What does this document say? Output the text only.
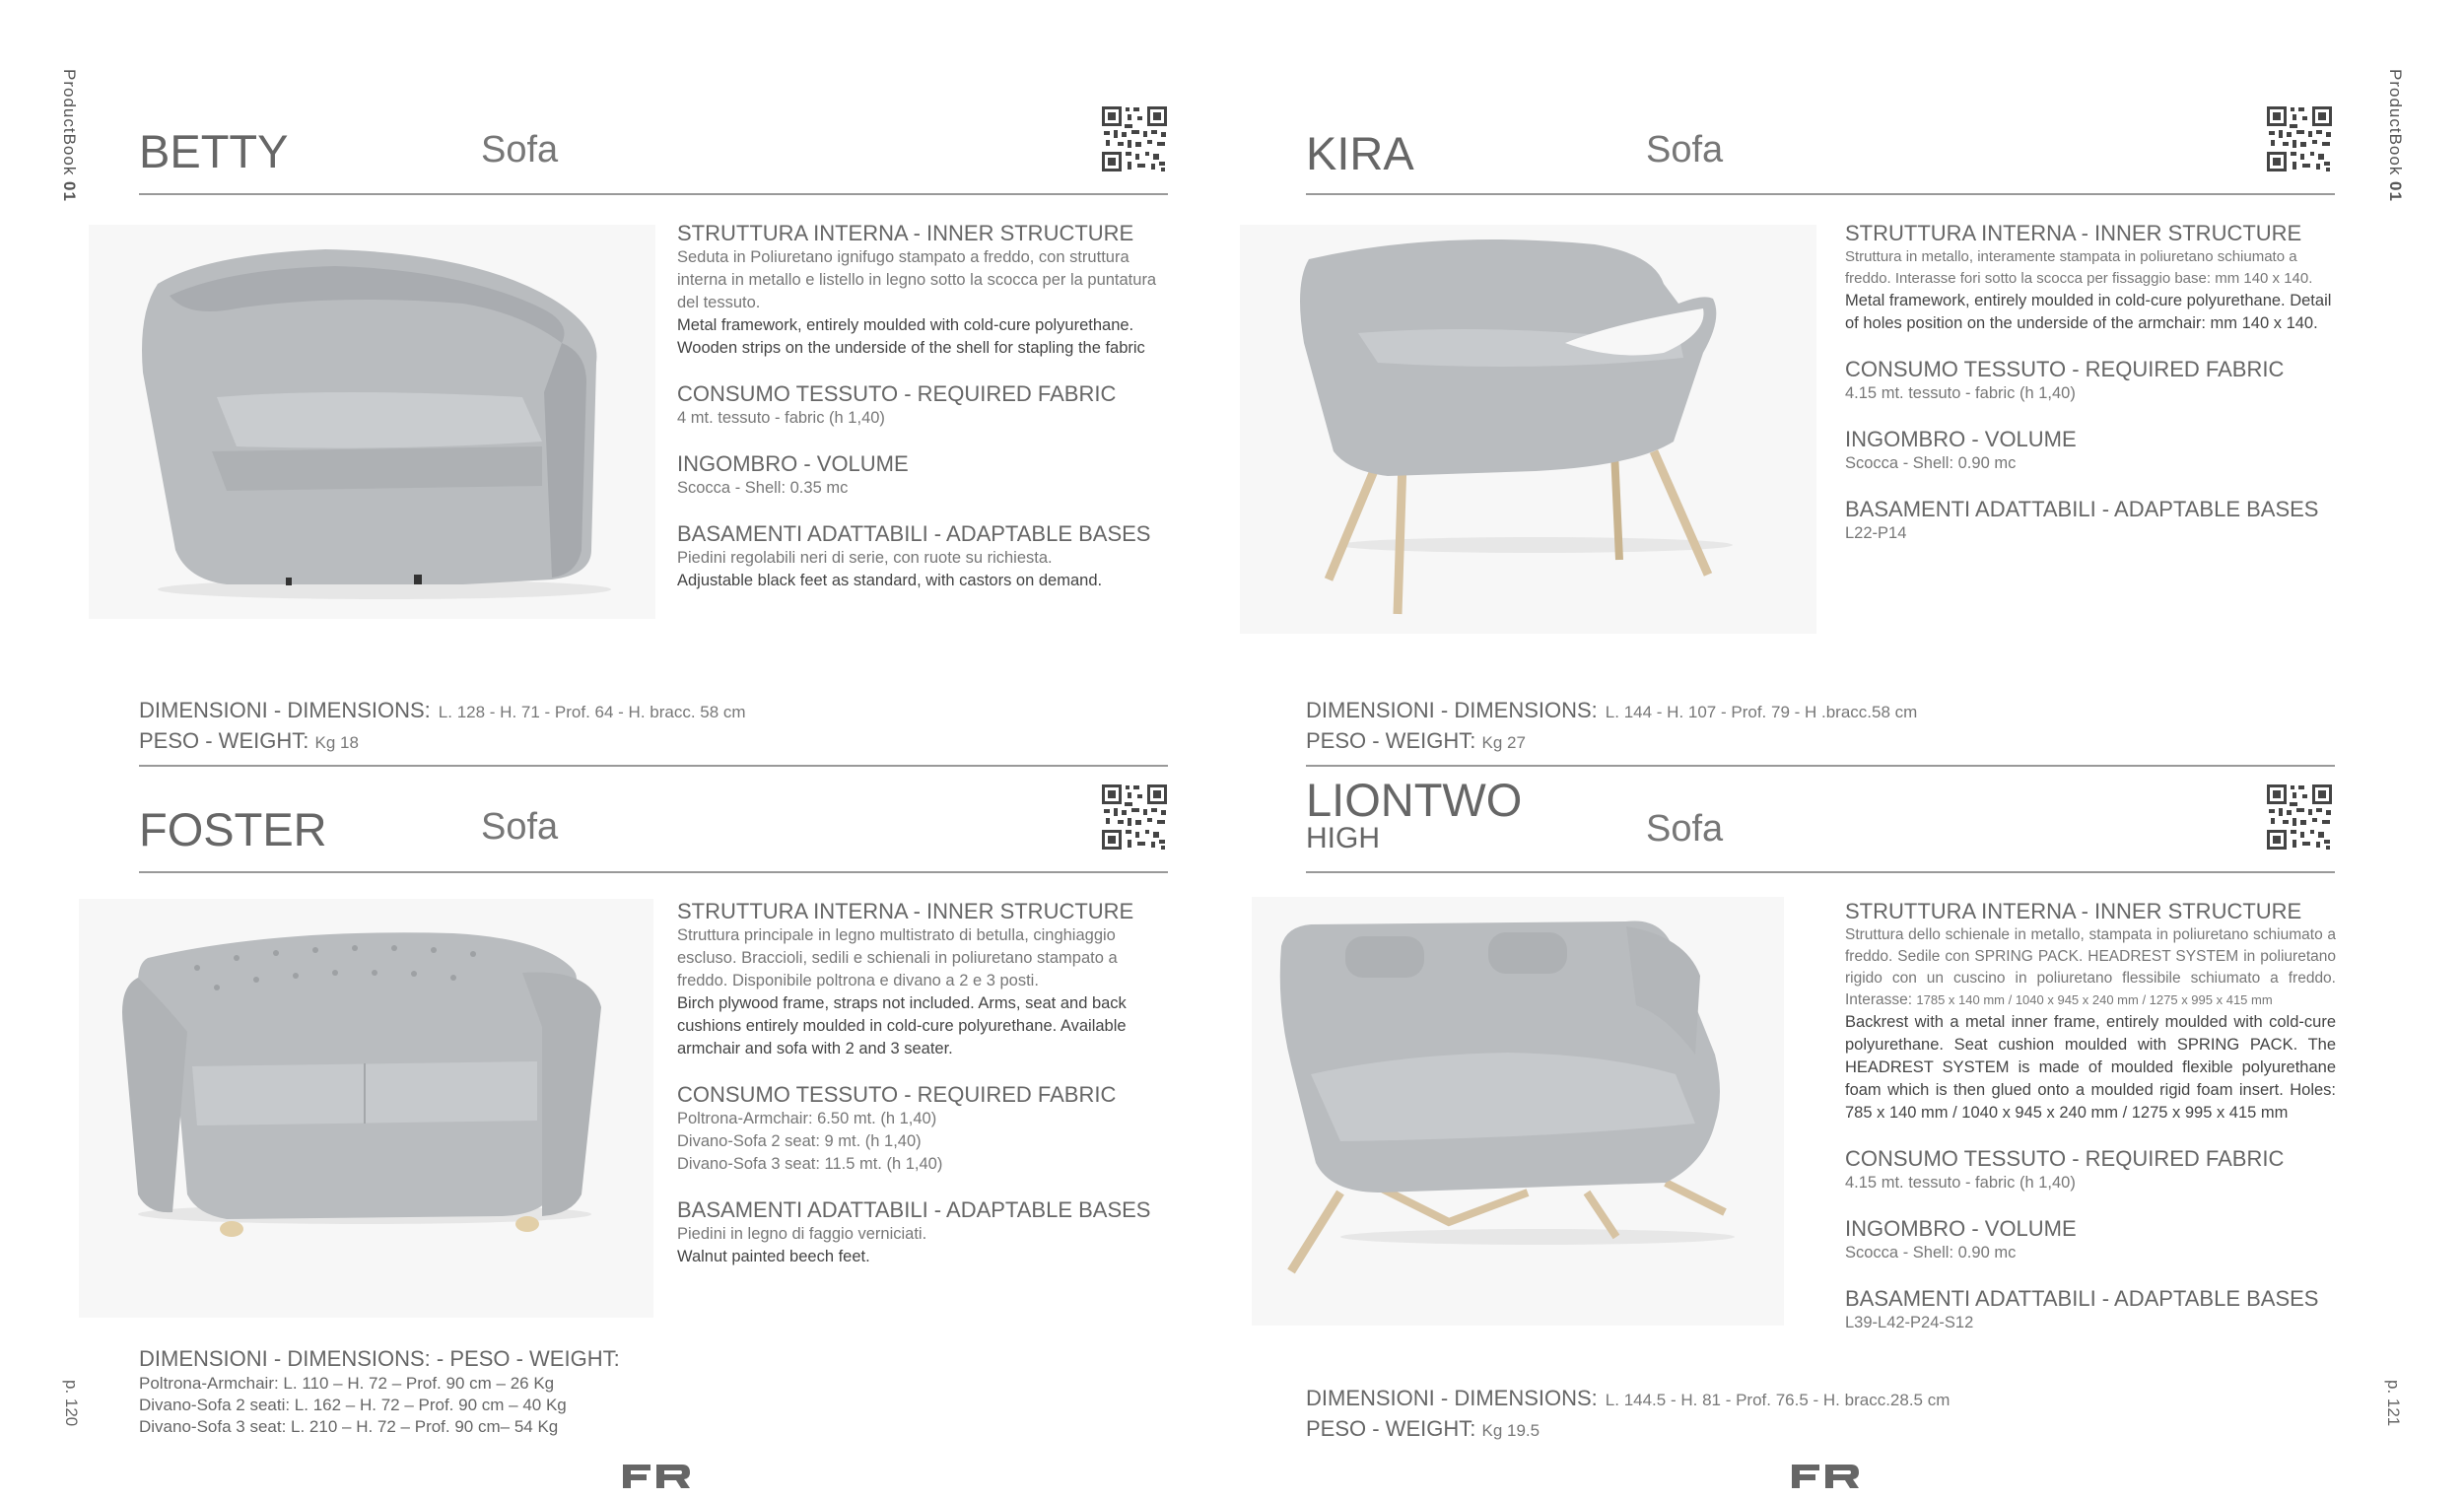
ProductBook01
ProductBook01
p. 120	p. 121
BETTY	Sofa
STRUTTURA INTERNA - INNER STRUCTURE
Seduta in Poliuretano ignifugo stampato a freddo, con struttura interna in metallo e listello in legno sotto la scocca per la puntatura del tessuto.
Metal framework, entirely moulded with cold-cure polyurethane.
Wooden strips on the underside of the shell for stapling the fabric
CONSUMO TESSUTO - REQUIRED FABRIC
4 mt. tessuto - fabric (h 1,40)
INGOMBRO - VOLUME
Scocca - Shell: 0.35 mc
BASAMENTI ADATTABILI - ADAPTABLE BASES
Piedini regolabili neri di serie, con ruote su richiesta.
Adjustable black feet as standard, with castors on demand.
DIMENSIONI - DIMENSIONS: L. 128 - H. 71 - Prof. 64 - H. bracc. 58 cm
PESO - WEIGHT: Kg 18
KIRA	Sofa
STRUTTURA INTERNA - INNER STRUCTURE
Struttura in metallo, interamente stampata in poliuretano schiumato a freddo. Interasse fori sotto la scocca per fissaggio base: mm 140 x 140.
Metal framework, entirely moulded in cold-cure polyurethane. Detail of holes position on the underside of the armchair: mm 140 x 140.
CONSUMO TESSUTO - REQUIRED FABRIC
4.15 mt. tessuto - fabric (h 1,40)
INGOMBRO - VOLUME
Scocca - Shell: 0.90 mc
BASAMENTI ADATTABILI - ADAPTABLE BASES
L22-P14
DIMENSIONI - DIMENSIONS: L. 144 - H. 107 - Prof. 79 - H .bracc.58 cm
PESO - WEIGHT: Kg 27
FOSTER	Sofa
STRUTTURA INTERNA - INNER STRUCTURE
Struttura principale in legno multistrato di betulla, cinghiaggio escluso. Braccioli, sedili e schienali in poliuretano stampato a freddo. Disponibile poltrona e divano a 2 e 3 posti.
Birch plywood frame, straps not included. Arms, seat and back cushions entirely moulded in cold-cure polyurethane. Available armchair and sofa with 2 and 3 seater.
CONSUMO TESSUTO - REQUIRED FABRIC
Poltrona-Armchair: 6.50 mt. (h 1,40)
Divano-Sofa 2 seat: 9 mt. (h 1,40)
Divano-Sofa 3 seat: 11.5 mt. (h 1,40)
BASAMENTI ADATTABILI - ADAPTABLE BASES
Piedini in legno di faggio verniciati.
Walnut painted beech feet.
DIMENSIONI - DIMENSIONS: - PESO - WEIGHT:
Poltrona-Armchair: L. 110 – H. 72 – Prof. 90 cm – 26 Kg
Divano-Sofa 2 seati: L. 162 – H. 72 – Prof. 90 cm – 40 Kg
Divano-Sofa 3 seat: L. 210 – H. 72 – Prof. 90 cm– 54 Kg
LIONTWO
HIGH	Sofa
STRUTTURA INTERNA - INNER STRUCTURE
Struttura dello schienale in metallo, stampata in poliuretano schiumato a freddo. Sedile con SPRING PACK. HEADREST SYSTEM in poliuretano rigido con un cuscino in poliuretano flessibile schiumato a freddo. Interasse: 1785 x 140 mm / 1040 x 945 x 240 mm / 1275 x 995 x 415 mm
Backrest with a metal inner frame, entirely moulded with cold-cure polyurethane. Seat cushion moulded with SPRING PACK. The HEADREST SYSTEM is made of moulded flexible polyurethane foam which is then glued onto a moulded rigid foam insert. Holes: 785 x 140 mm / 1040 x 945 x 240 mm / 1275 x 995 x 415 mm
CONSUMO TESSUTO - REQUIRED FABRIC
4.15 mt. tessuto - fabric (h 1,40)
INGOMBRO - VOLUME
Scocca - Shell: 0.90 mc
BASAMENTI ADATTABILI - ADAPTABLE BASES
L39-L42-P24-S12
DIMENSIONI - DIMENSIONS: L. 144.5 - H. 81 - Prof. 76.5 - H. bracc.28.5 cm
PESO - WEIGHT: Kg 19.5
